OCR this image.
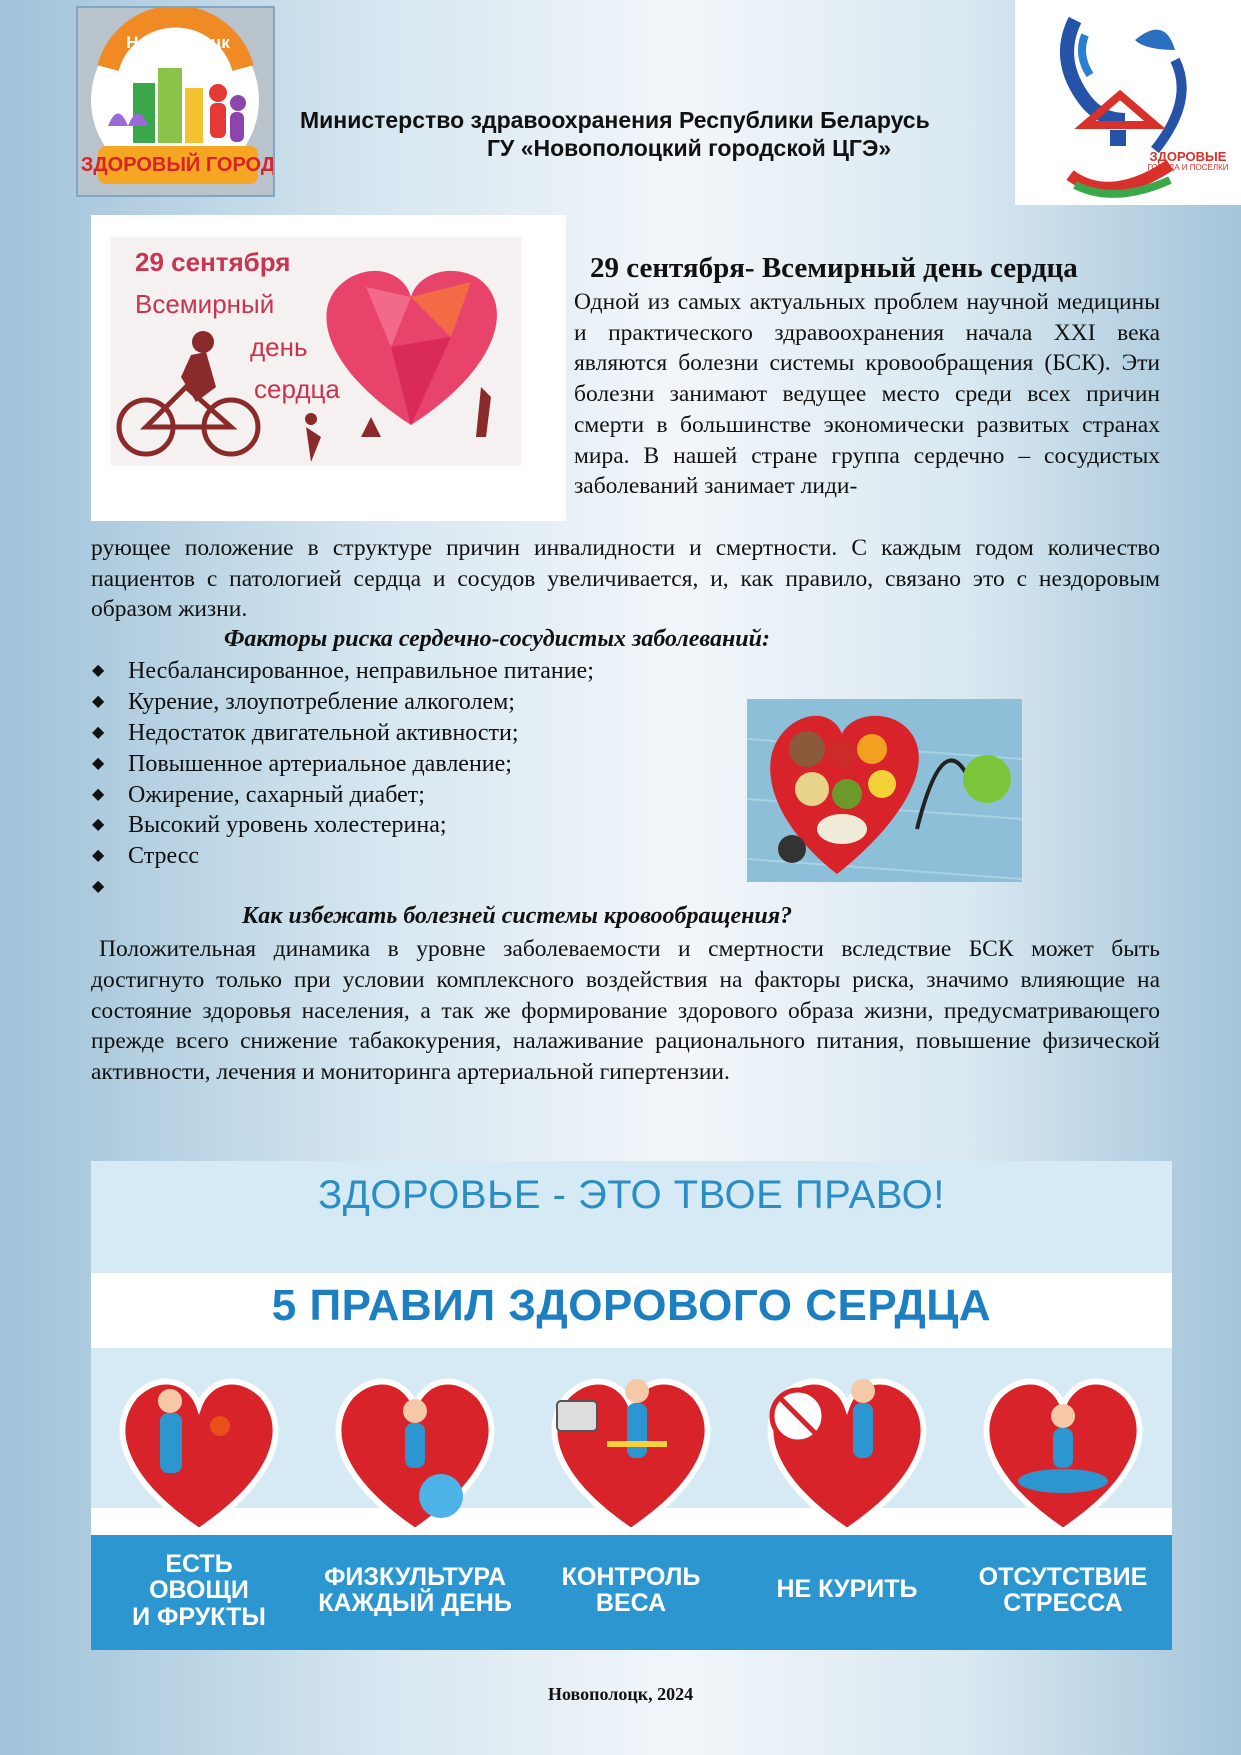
ЗДОРОВЫЙ ГОРОД
Новополоцк
ЗДОРОВЫЕ
ГОРОДА И ПОСЕЛКИ
Министерство здравоохранения Республики Беларусь
ГУ «Новополоцкий городской ЦГЭ»
29 сентября
Всемирный
день
сердца
29 сентября- Всемирный день сердца
Одной из самых актуальных проблем научной медицины и практического здравоохранения начала XXI века являются болезни системы кровообращения (БСК). Эти болезни занимают ведущее место среди всех причин смерти в большинстве экономически развитых странах мира. В нашей стране группа сердечно – сосудистых заболеваний занимает лиди-
рующее положение в структуре причин инвалидности и смертности. С каждым годом количество пациентов с патологией сердца и сосудов увеличивается, и, как правило, связано это с нездоровым образом жизни.
Факторы риска сердечно-сосудистых заболеваний:
◆ Несбалансированное, неправильное питание;
◆ Курение, злоупотребление алкоголем;
◆ Недостаток двигательной активности;
◆ Повышенное артериальное давление;
◆ Ожирение, сахарный диабет;
◆ Высокий уровень холестерина;
◆ Стресс
◆
Как избежать болезней системы кровообращения?
Положительная динамика в уровне заболеваемости и смертности вследствие БСК может быть достигнуто только при условии комплексного воздействия на факторы риска, значимо влияющие на состояние здоровья населения, а так же формирование здорового образа жизни, предусматривающего прежде всего снижение табакокурения, налаживание рационального питания, повышение физической активности, лечения и мониторинга артериальной гипертензии.
ЗДОРОВЬЕ - ЭТО ТВОЕ ПРАВО!
5 ПРАВИЛ ЗДОРОВОГО СЕРДЦА
ЕСТЬ
ОВОЩИ
И ФРУКТЫ
ФИЗКУЛЬТУРА
КАЖДЫЙ ДЕНЬ
КОНТРОЛЬ
ВЕСА
НЕ КУРИТЬ	ОТСУТСТВИЕ
СТРЕССА
Новополоцк, 2024
